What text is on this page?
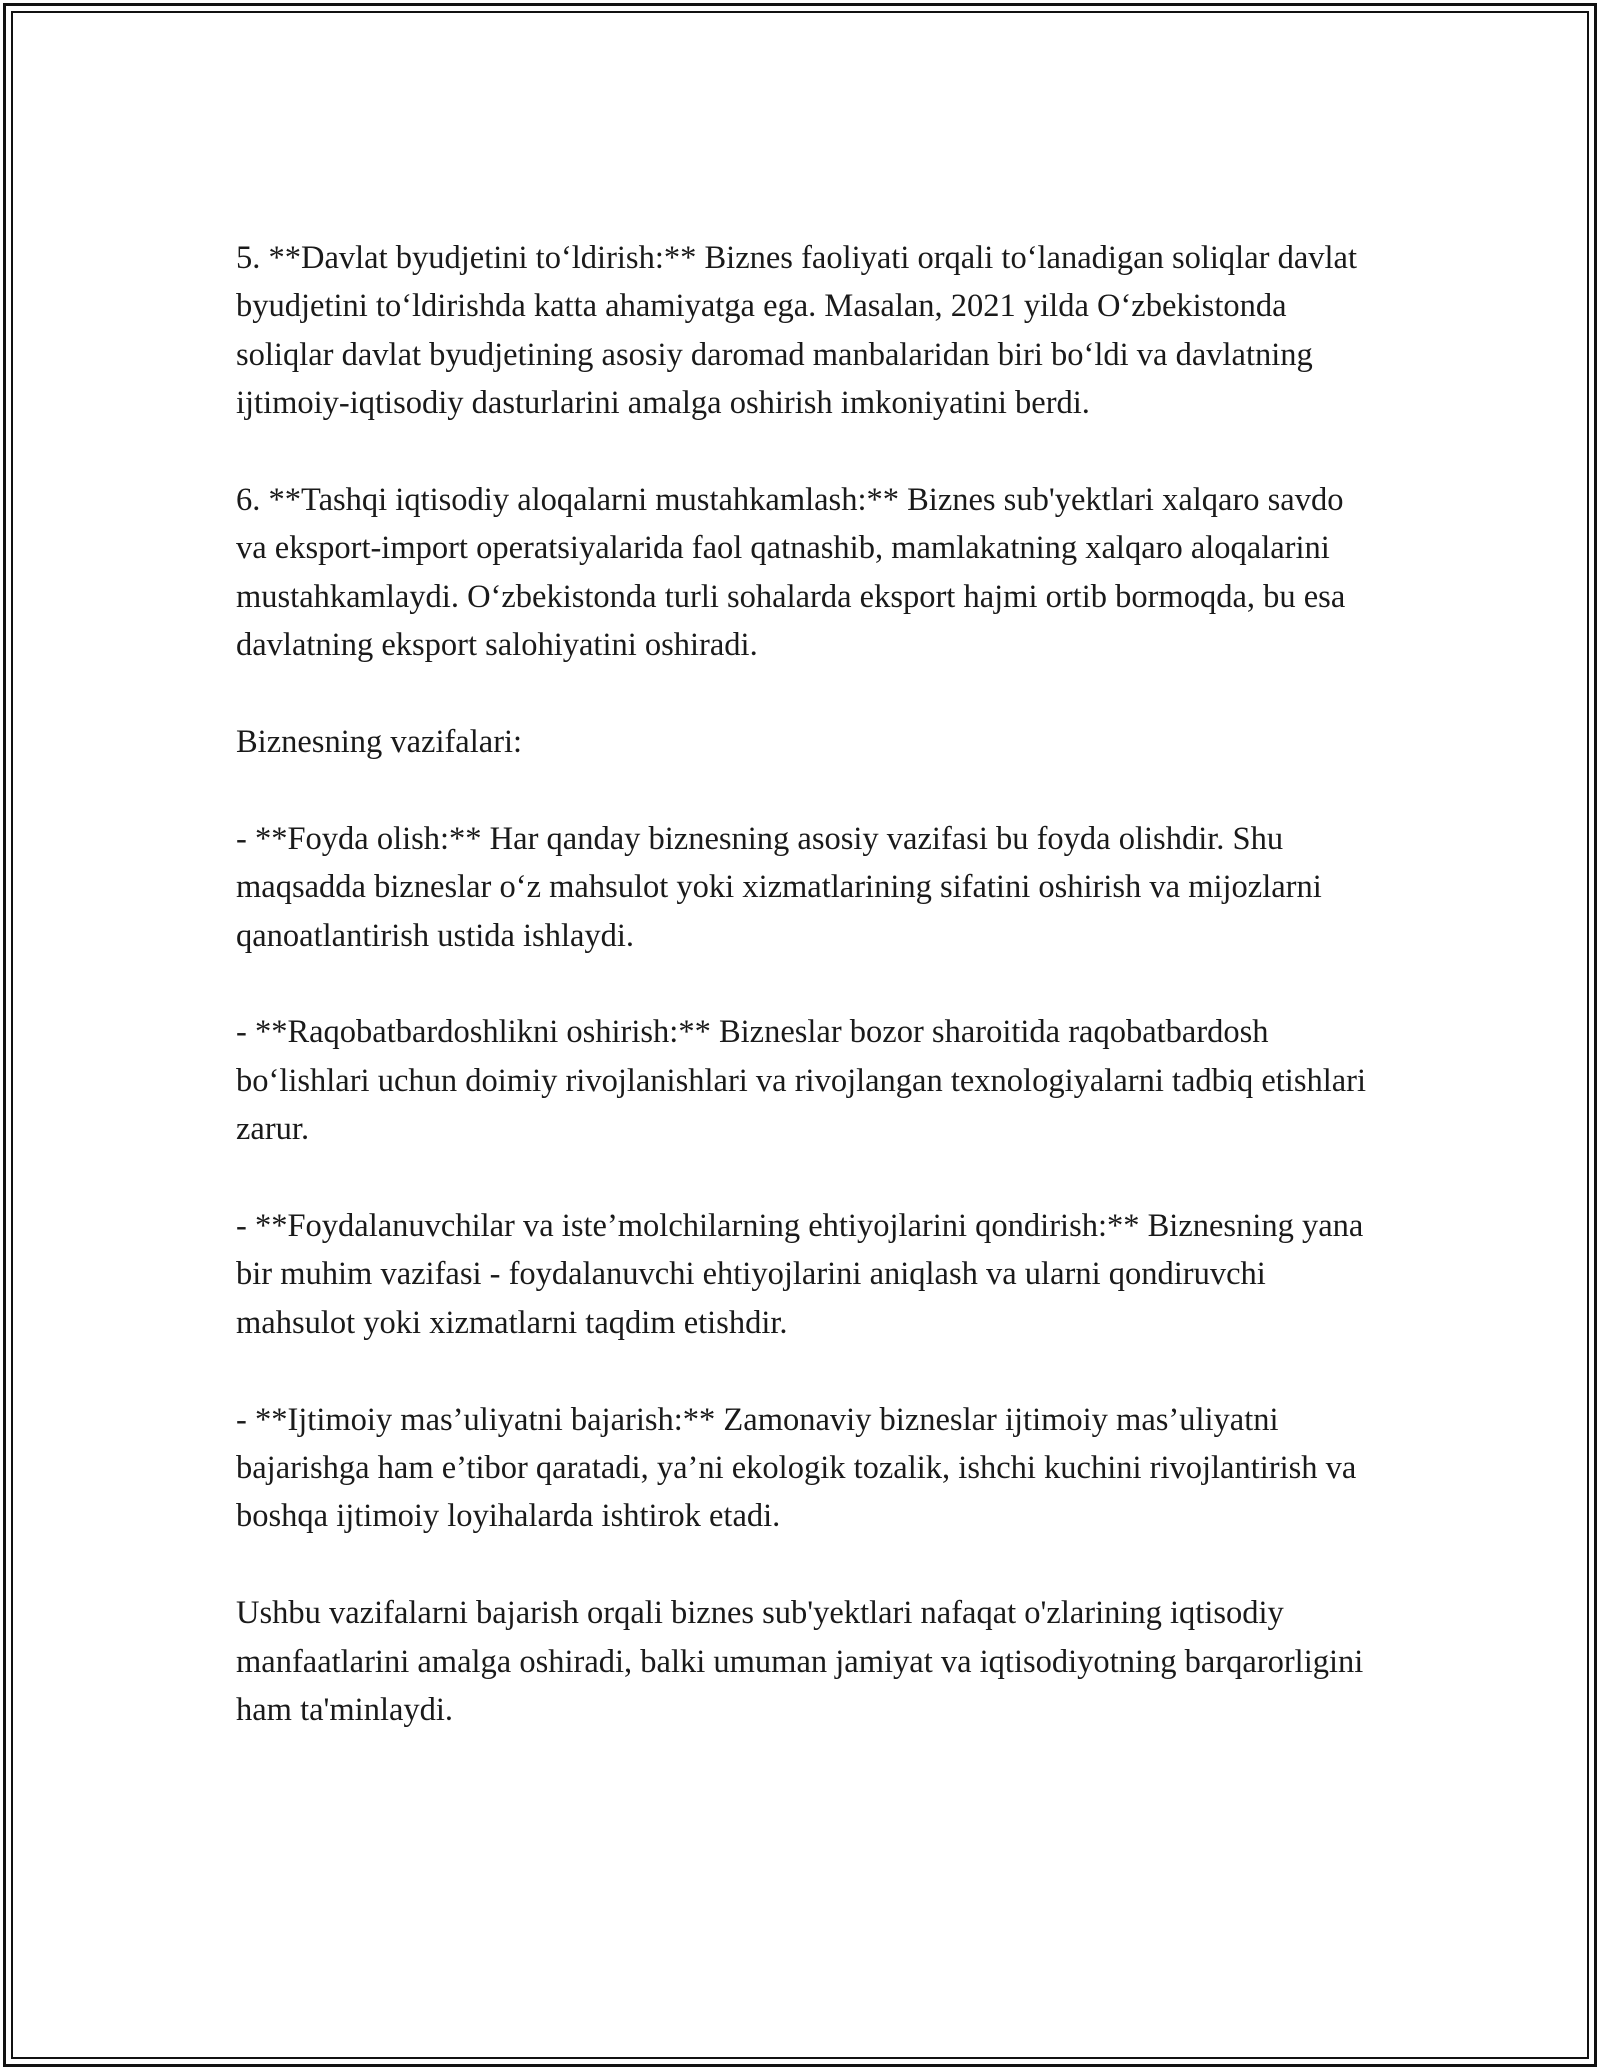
5. **Davlat byudjetini to‘ldirish:** Biznes faoliyati orqali to‘lanadigan soliqlar davlat byudjetini to‘ldirishda katta ahamiyatga ega. Masalan, 2021 yilda O‘zbekistonda soliqlar davlat byudjetining asosiy daromad manbalaridan biri bo‘ldi va davlatning ijtimoiy-iqtisodiy dasturlarini amalga oshirish imkoniyatini berdi.

6. **Tashqi iqtisodiy aloqalarni mustahkamlash:** Biznes sub'yektlari xalqaro savdo va eksport-import operatsiyalarida faol qatnashib, mamlakatning xalqaro aloqalarini mustahkamlaydi. O‘zbekistonda turli sohalarda eksport hajmi ortib bormoqda, bu esa davlatning eksport salohiyatini oshiradi.

Biznesning vazifalari:

- **Foyda olish:** Har qanday biznesning asosiy vazifasi bu foyda olishdir. Shu maqsadda bizneslar o‘z mahsulot yoki xizmatlarining sifatini oshirish va mijozlarni qanoatlantirish ustida ishlaydi.

- **Raqobatbardoshlikni oshirish:** Bizneslar bozor sharoitida raqobatbardosh bo‘lishlari uchun doimiy rivojlanishlari va rivojlangan texnologiyalarni tadbiq etishlari zarur.

- **Foydalanuvchilar va iste’molchilarning ehtiyojlarini qondirish:** Biznesning yana bir muhim vazifasi - foydalanuvchi ehtiyojlarini aniqlash va ularni qondiruvchi mahsulot yoki xizmatlarni taqdim etishdir.

- **Ijtimoiy mas’uliyatni bajarish:** Zamonaviy bizneslar ijtimoiy mas’uliyatni bajarishga ham e’tibor qaratadi, ya’ni ekologik tozalik, ishchi kuchini rivojlantirish va boshqa ijtimoiy loyihalarda ishtirok etadi.

Ushbu vazifalarni bajarish orqali biznes sub'yektlari nafaqat o'zlarining iqtisodiy manfaatlarini amalga oshiradi, balki umuman jamiyat va iqtisodiyotning barqarorligini ham ta'minlaydi.
